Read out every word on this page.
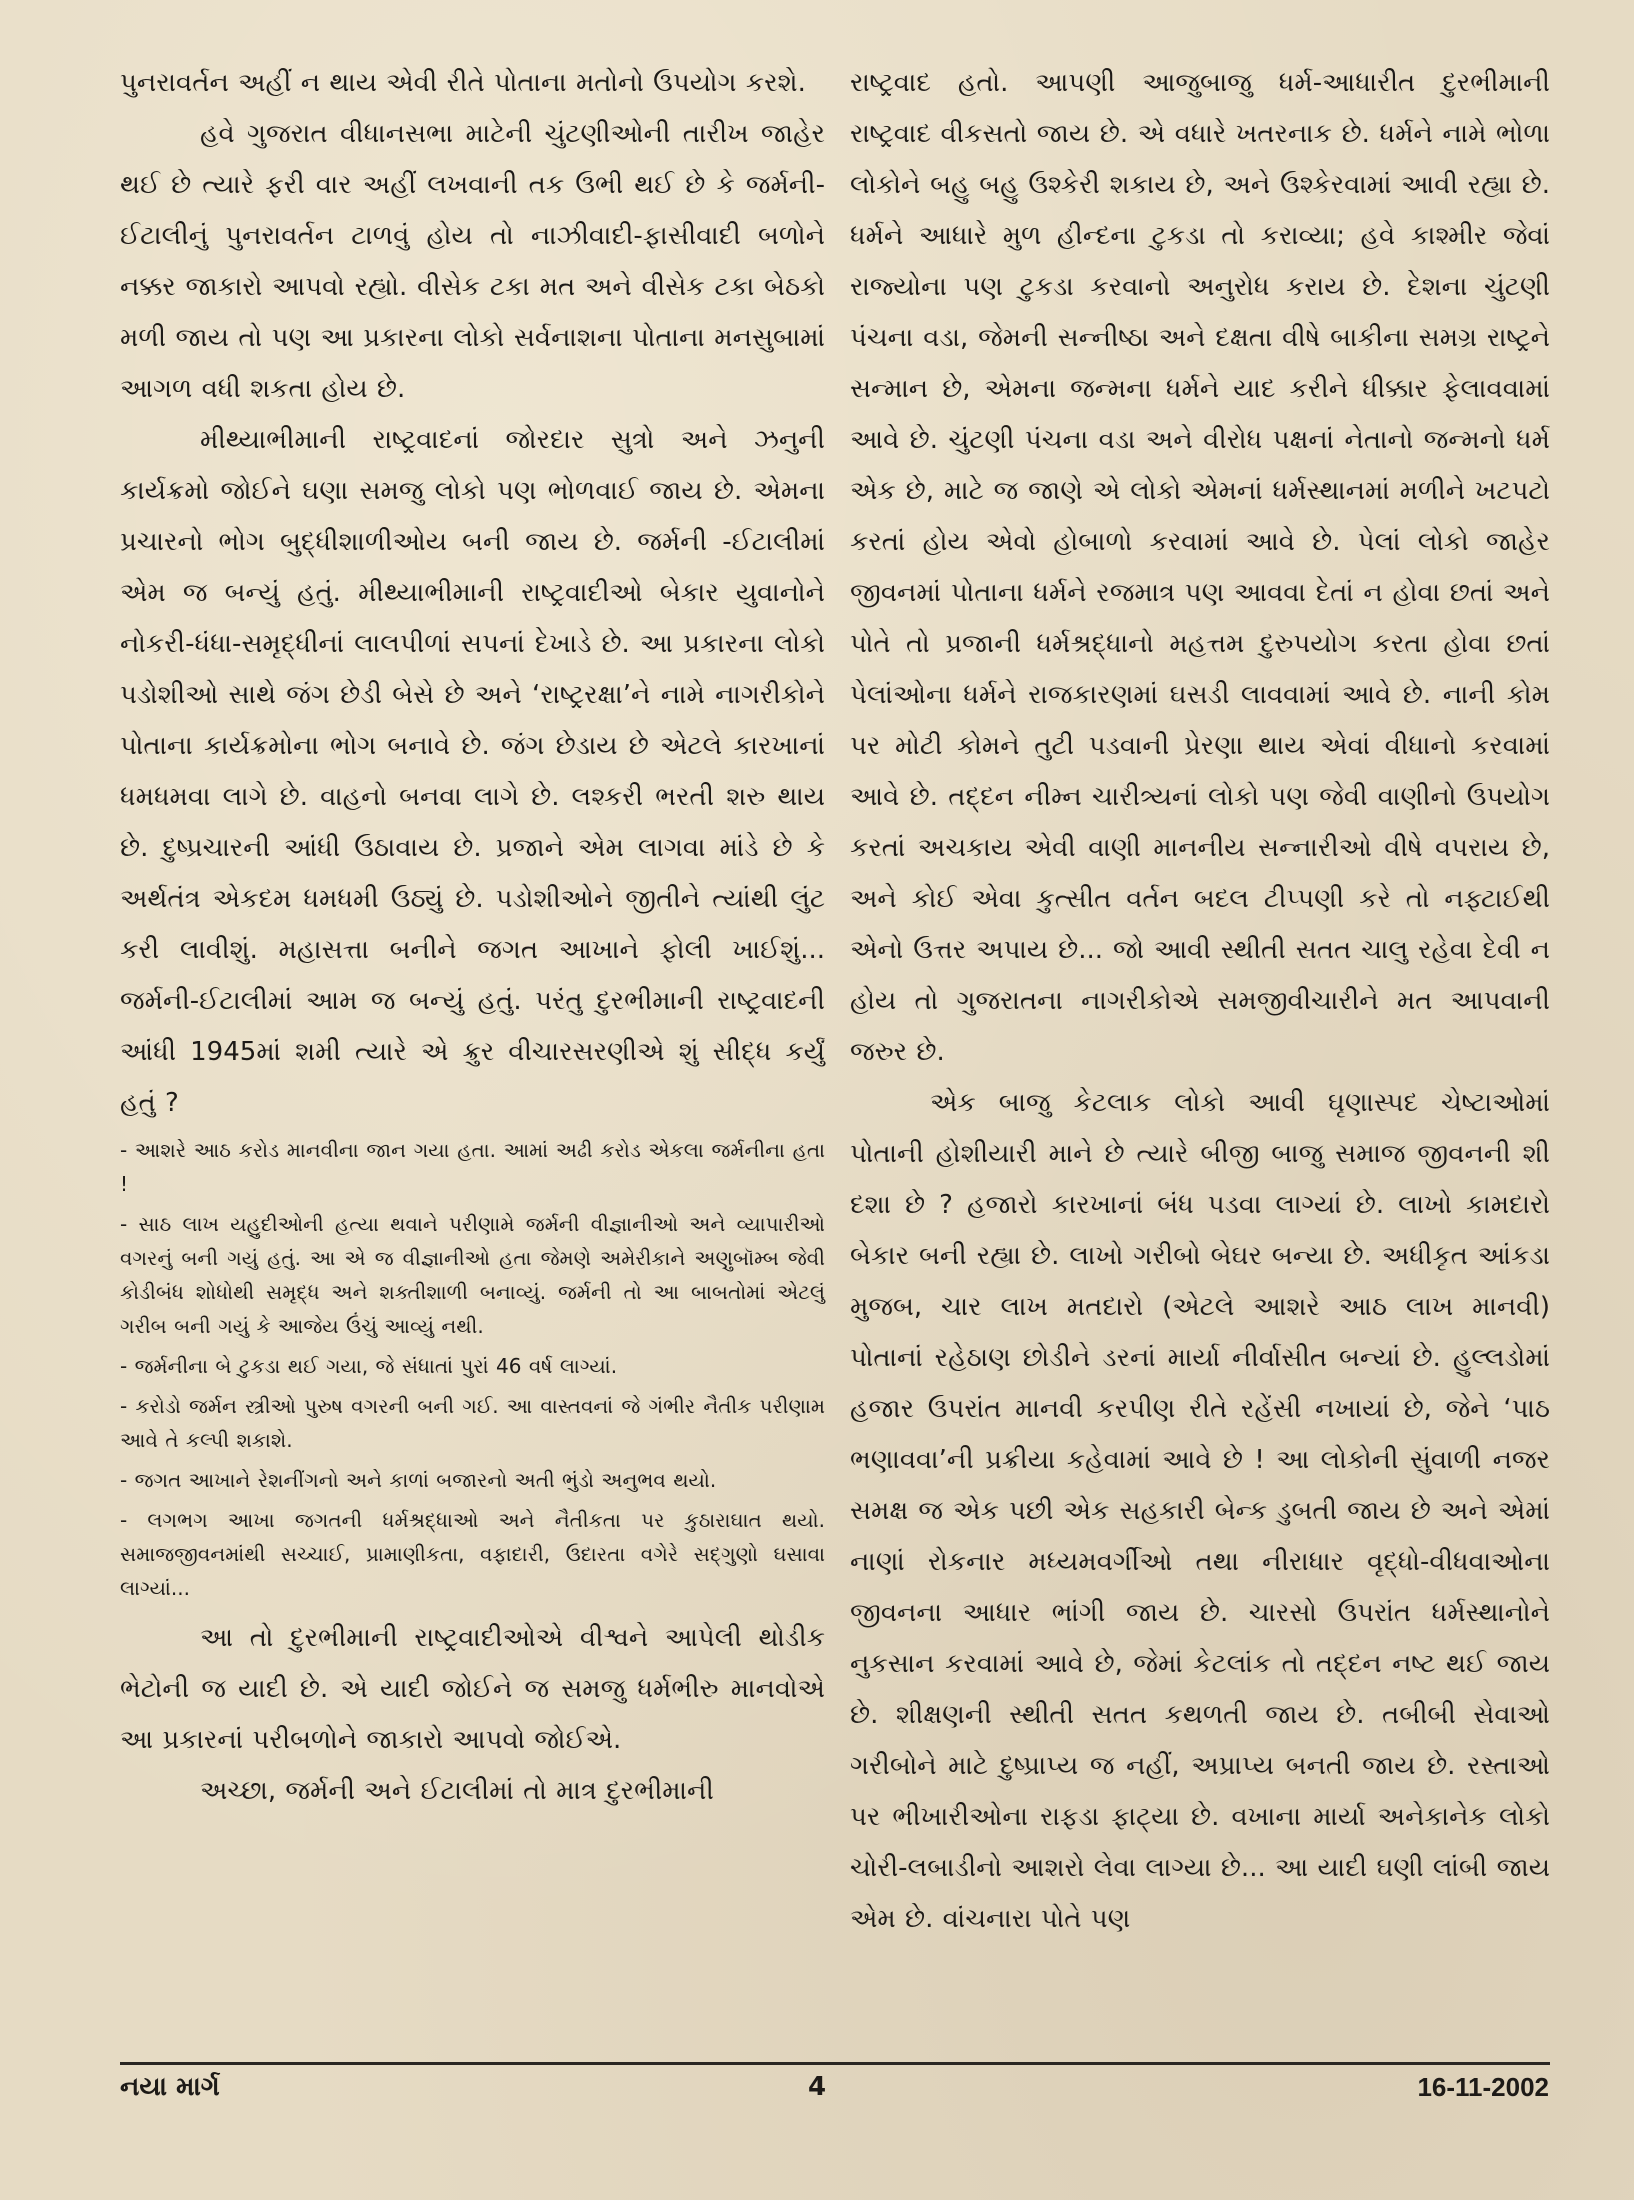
પુનરાવર્તન અહીં ન થાય એવી રીતે પોતાના મતોનો ઉપયોગ કરશે.

હવે ગુજરાત વીધાનસભા માટેની ચુંટણીઓની તારીખ જાહેર થઈ છે ત્યારે ફરી વાર અહીં લખવાની તક ઉભી થઈ છે કે જર્મની-ઈટાલીનું પુનરાવર્તન ટાળવું હોય તો નાઝીવાદી-ફાસીવાદી બળોને નક્કર જાકારો આપવો રહ્યો. વીસેક ટકા મત અને વીસેક ટકા બેઠકો મળી જાય તો પણ આ પ્રકારના લોકો સર્વનાશના પોતાના મનસુબામાં આગળ વધી શકતા હોય છે.

મીથ્યાભીમાની રાષ્ટ્રવાદનાં જોરદાર સુત્રો અને ઝનુની કાર્યક્રમો જોઈને ઘણા સમજુ લોકો પણ ભોળવાઈ જાય છે. એમના પ્રચારનો ભોગ બુદ્ધીશાળીઓય બની જાય છે. જર્મની -ઈટાલીમાં એમ જ બન્યું હતું. મીથ્યાભીમાની રાષ્ટ્રવાદીઓ બેકાર યુવાનોને નોકરી-ધંધા-સમૃદ્ધીનાં લાલપીળાં સપનાં દેખાડે છે. આ પ્રકારના લોકો પડોશીઓ સાથે જંગ છેડી બેસે છે અને ‘રાષ્ટ્રરક્ષા’ને નામે નાગરીકોને પોતાના કાર્યક્રમોના ભોગ બનાવે છે. જંગ છેડાય છે એટલે કારખાનાં ધમધમવા લાગે છે. વાહનો બનવા લાગે છે. લશ્કરી ભરતી શરુ થાય છે. દુષ્પ્રચારની આંધી ઉઠાવાય છે. પ્રજાને એમ લાગવા માંડે છે કે અર્થતંત્ર એકદમ ધમધમી ઉઠ્યું છે. પડોશીઓને જીતીને ત્યાંથી લુંટ કરી લાવીશું. મહાસત્તા બનીને જગત આખાને ફોલી ખાઈશું... જર્મની-ઈટાલીમાં આમ જ બન્યું હતું. પરંતુ દુરભીમાની રાષ્ટ્રવાદની આંધી 1945માં શમી ત્યારે એ ક્રુર વીચારસરણીએ શું સીદ્ધ કર્યું હતું ?

- આશરે આઠ કરોડ માનવીના જાન ગયા હતા. આમાં અઢી કરોડ એકલા જર્મનીના હતા !
- સાઠ લાખ યહુદીઓની હત્યા થવાને પરીણામે જર્મની વીજ્ઞાનીઓ અને વ્યાપારીઓ વગરનું બની ગયું હતું. આ એ જ વીજ્ઞાનીઓ હતા જેમણે અમેરીકાને અણુબૉમ્બ જેવી કોડીબંધ શોધોથી સમૃદ્ધ અને શક્તીશાળી બનાવ્યું. જર્મની તો આ બાબતોમાં એટલું ગરીબ બની ગયું કે આજેય ઉંચું આવ્યું નથી.
- જર્મનીના બે ટુકડા થઈ ગયા, જે સંધાતાં પુરાં 46 વર્ષ લાગ્યાં.
- કરોડો જર્મન સ્ત્રીઓ પુરુષ વગરની બની ગઈ. આ વાસ્તવનાં જે ગંભીર નૈતીક પરીણામ આવે તે કલ્પી શકાશે.
- જગત આખાને રેશનીંગનો અને કાળાં બજારનો અતી ભુંડો અનુભવ થયો.
- લગભગ આખા જગતની ધર્મશ્રદ્ધાઓ અને નૈતીકતા પર કુઠારાઘાત થયો. સમાજજીવનમાંથી સચ્ચાઈ, પ્રામાણીકતા, વફાદારી, ઉદારતા વગેરે સદ્ગુણો ઘસાવા લાગ્યાં...

આ તો દુરભીમાની રાષ્ટ્રવાદીઓએ વીશ્વને આપેલી થોડીક ભેટોની જ યાદી છે. એ યાદી જોઈને જ સમજુ ધર્મભીરુ માનવોએ આ પ્રકારનાં પરીબળોને જાકારો આપવો જોઈએ.

અચ્છા, જર્મની અને ઈટાલીમાં તો માત્ર દુરભીમાની

રાષ્ટ્રવાદ હતો. આપણી આજુબાજુ ધર્મ-આધારીત દુરભીમાની રાષ્ટ્રવાદ વીકસતો જાય છે. એ વધારે ખતરનાક છે. ધર્મને નામે ભોળા લોકોને બહુ બહુ ઉશ્કેરી શકાય છે, અને ઉશ્કેરવામાં આવી રહ્યા છે. ધર્મને આધારે મુળ હીન્દના ટુકડા તો કરાવ્યા; હવે કાશ્મીર જેવાં રાજ્યોના પણ ટુકડા કરવાનો અનુરોધ કરાય છે. દેશના ચુંટણી પંચના વડા, જેમની સન્નીષ્ઠા અને દક્ષતા વીષે બાકીના સમગ્ર રાષ્ટ્રને સન્માન છે, એમના જન્મના ધર્મને યાદ કરીને ધીક્કાર ફેલાવવામાં આવે છે. ચુંટણી પંચના વડા અને વીરોધ પક્ષનાં નેતાનો જન્મનો ધર્મ એક છે, માટે જ જાણે એ લોકો એમનાં ધર્મસ્થાનમાં મળીને ખટપટો કરતાં હોય એવો હોબાળો કરવામાં આવે છે. પેલાં લોકો જાહેર જીવનમાં પોતાના ધર્મને રજમાત્ર પણ આવવા દેતાં ન હોવા છતાં અને પોતે તો પ્રજાની ધર્મશ્રદ્ધાનો મહત્તમ દુરુપયોગ કરતા હોવા છતાં પેલાંઓના ધર્મને રાજકારણમાં ઘસડી લાવવામાં આવે છે. નાની કોમ પર મોટી કોમને તુટી પડવાની પ્રેરણા થાય એવાં વીધાનો કરવામાં આવે છે. તદ્દન નીમ્ન ચારીત્ર્યનાં લોકો પણ જેવી વાણીનો ઉપયોગ કરતાં અચકાય એવી વાણી માનનીય સન્નારીઓ વીષે વપરાય છે, અને કોઈ એવા કુત્સીત વર્તન બદલ ટીપ્પણી કરે તો નફ્ટાઈથી એનો ઉત્તર અપાય છે... જો આવી સ્થીતી સતત ચાલુ રહેવા દેવી ન હોય તો ગુજરાતના નાગરીકોએ સમજીવીચારીને મત આપવાની જરુર છે.

એક બાજુ કેટલાક લોકો આવી ઘૃણાસ્પદ ચેષ્ટાઓમાં પોતાની હોશીયારી માને છે ત્યારે બીજી બાજુ સમાજ જીવનની શી દશા છે ? હજારો કારખાનાં બંધ પડવા લાગ્યાં છે. લાખો કામદારો બેકાર બની રહ્યા છે. લાખો ગરીબો બેઘર બન્યા છે. અધીકૃત આંકડા મુજબ, ચાર લાખ મતદારો (એટલે આશરે આઠ લાખ માનવી) પોતાનાં રહેઠાણ છોડીને ડરનાં માર્યા નીર્વાસીત બન્યાં છે. હુલ્લડોમાં હજાર ઉપરાંત માનવી કરપીણ રીતે રહેંસી નખાયાં છે, જેને ‘પાઠ ભણાવવા’ની પ્રક્રીયા કહેવામાં આવે છે ! આ લોકોની સુંવાળી નજર સમક્ષ જ એક પછી એક સહકારી બેન્ક ડુબતી જાય છે અને એમાં નાણાં રોકનાર મધ્યમવર્ગીઓ તથા નીરાધાર વૃદ્ધો-વીધવાઓના જીવનના આધાર ભાંગી જાય છે. ચારસો ઉપરાંત ધર્મસ્થાનોને નુકસાન કરવામાં આવે છે, જેમાં કેટલાંક તો તદ્દન નષ્ટ થઈ જાય છે. શીક્ષણની સ્થીતી સતત કથળતી જાય છે. તબીબી સેવાઓ ગરીબોને માટે દુષ્પ્રાપ્ય જ નહીં, અપ્રાપ્ય બનતી જાય છે. રસ્તાઓ પર ભીખારીઓના રાફડા ફાટ્યા છે. વખાના માર્યા અનેકાનેક લોકો ચોરી-લબાડીનો આશરો લેવા લાગ્યા છે... આ યાદી ઘણી લાંબી જાય એમ છે. વાંચનારા પોતે પણ

નયા માર્ગ	4	16-11-2002
